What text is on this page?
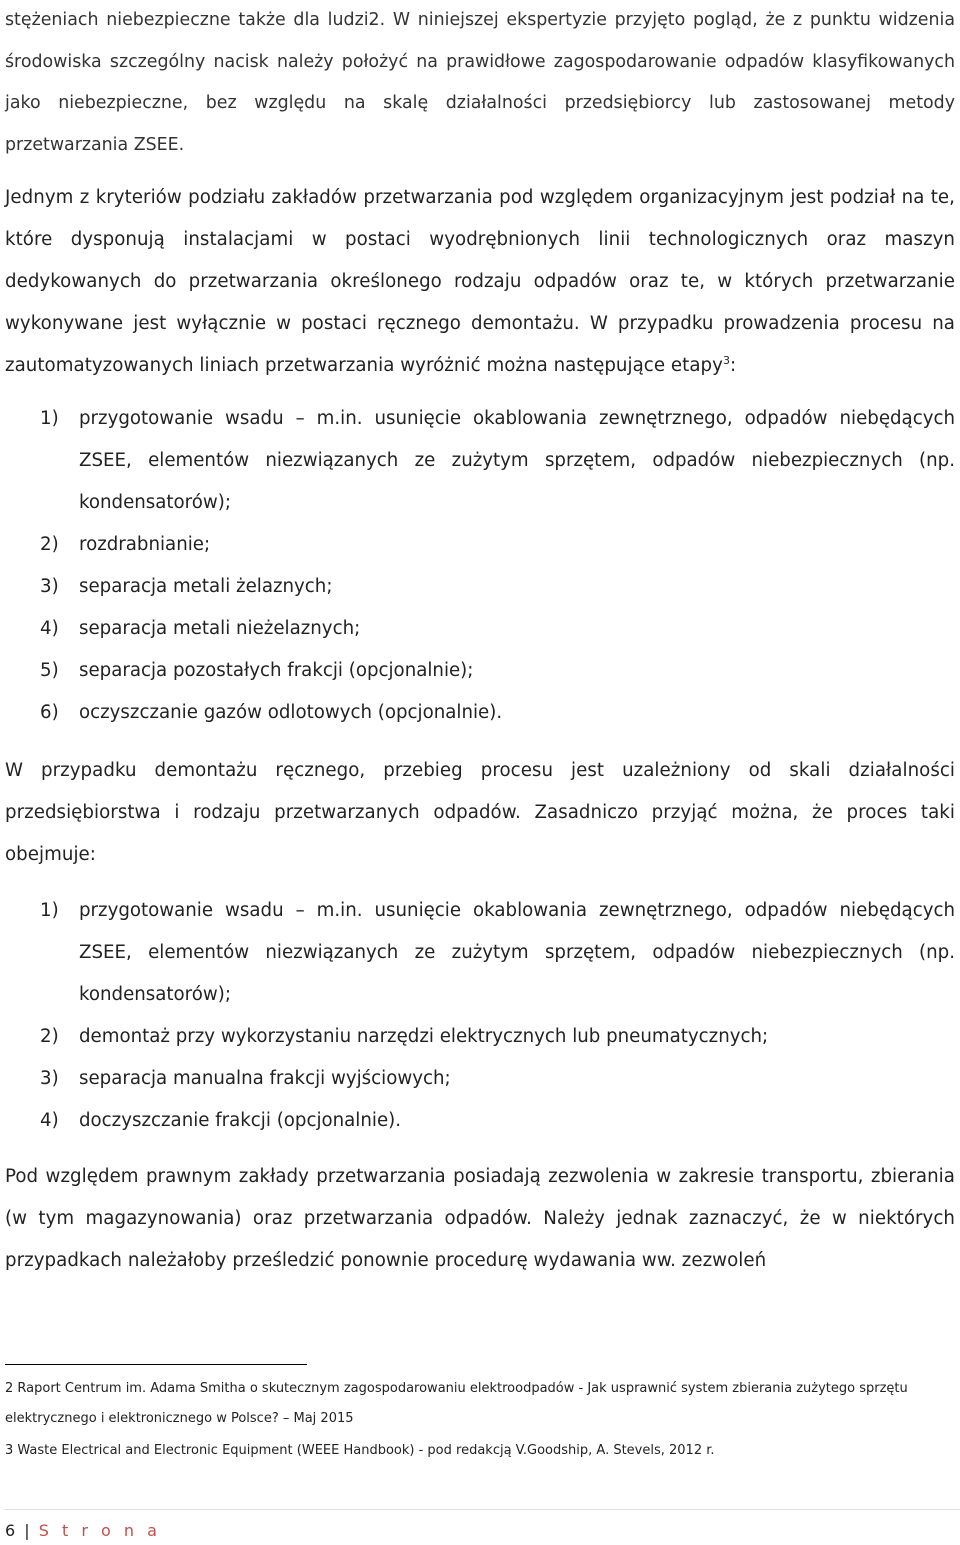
stężeniach niebezpieczne także dla ludzi2. W niniejszej ekspertyzie przyjęto pogląd, że z punktu widzenia środowiska szczególny nacisk należy położyć na prawidłowe zagospodarowanie odpadów klasyfikowanych jako niebezpieczne, bez względu na skalę działalności przedsiębiorcy lub zastosowanej metody przetwarzania ZSEE.

Jednym z kryteriów podziału zakładów przetwarzania pod względem organizacyjnym jest podział na te, które dysponują instalacjami w postaci wyodrębnionych linii technologicznych oraz maszyn dedykowanych do przetwarzania określonego rodzaju odpadów oraz te, w których przetwarzanie wykonywane jest wyłącznie w postaci ręcznego demontażu. W przypadku prowadzenia procesu na zautomatyzowanych liniach przetwarzania wyróżnić można następujące etapy$^3$:

1) przygotowanie wsadu – m.in. usunięcie okablowania zewnętrznego, odpadów niebędących ZSEE, elementów niezwiązanych ze zużytym sprzętem, odpadów niebezpiecznych (np. kondensatorów);
2) rozdrabnianie;
3) separacja metali żelaznych;
4) separacja metali nieżelaznych;
5) separacja pozostałych frakcji (opcjonalnie);
6) oczyszczanie gazów odlotowych (opcjonalnie).

W przypadku demontażu ręcznego, przebieg procesu jest uzależniony od skali działalności przedsiębiorstwa i rodzaju przetwarzanych odpadów. Zasadniczo przyjąć można, że proces taki obejmuje:

1) przygotowanie wsadu – m.in. usunięcie okablowania zewnętrznego, odpadów niebędących ZSEE, elementów niezwiązanych ze zużytym sprzętem, odpadów niebezpiecznych (np. kondensatorów);
2) demontaż przy wykorzystaniu narzędzi elektrycznych lub pneumatycznych;
3) separacja manualna frakcji wyjściowych;
4) doczyszczanie frakcji (opcjonalnie).

Pod względem prawnym zakłady przetwarzania posiadają zezwolenia w zakresie transportu, zbierania (w tym magazynowania) oraz przetwarzania odpadów. Należy jednak zaznaczyć, że w niektórych przypadkach należałoby prześledzić ponownie procedurę wydawania ww. zezwoleń

2 Raport Centrum im. Adama Smitha o skutecznym zagospodarowaniu elektroodpadów - Jak usprawnić system zbierania zużytego sprzętu elektrycznego i elektronicznego w Polsce? – Maj 2015
3 Waste Electrical and Electronic Equipment (WEEE Handbook) - pod redakcją V.Goodship, A. Stevels, 2012 r.
6 | S t r o n a
